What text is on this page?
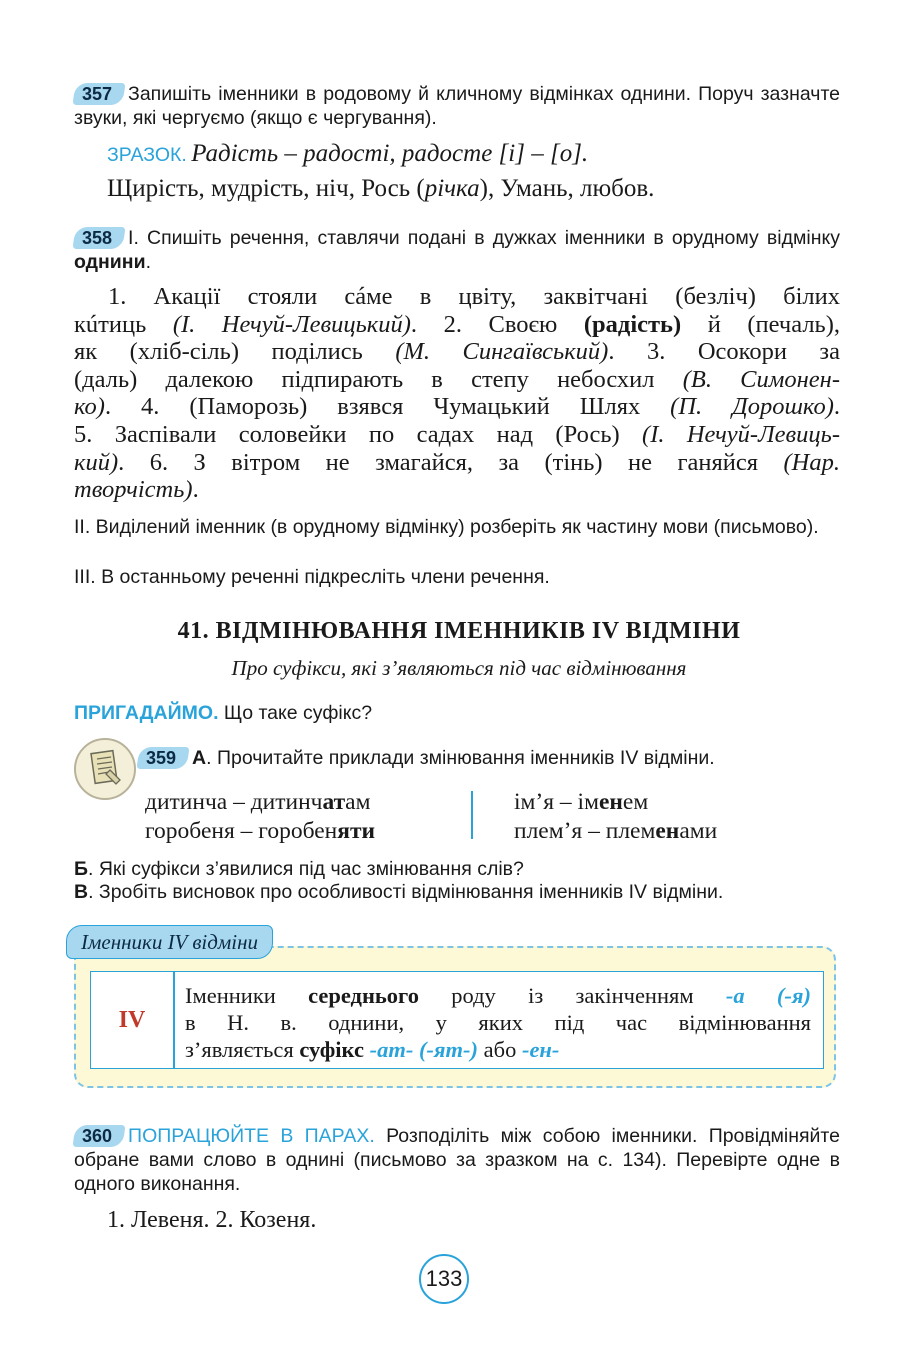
357 Запишіть іменники в родовому й кличному відмінках однини. Поруч зазначте звуки, які чергуємо (якщо є чергування).
ЗРАЗОК. Радість – радості, радосте [і] – [о].
Щирість, мудрість, ніч, Рось (річка), Умань, любов.
358 І. Спишіть речення, ставлячи подані в дужках іменники в орудному відмінку однини.
1. Акації стояли cáме в цвіту, заквітчані (безліч) білих
кúтиць (І. Нечуй-Левицький). 2. Своєю (радість) й (печаль),
як (хліб-сіль) поділись (М. Сингаївський). 3. Осокори за
(даль) далекою підпирають в степу небосхил (В. Симонен-
ко). 4. (Паморозь) взявся Чумацький Шлях (П. Дорошко).
5. Заспівали соловейки по садах над (Рось) (І. Нечуй-Левиць-
кий). 6. З вітром не змагайся, за (тінь) не ганяйся (Нар.
творчість).
ІІ. Виділений іменник (в орудному відмінку) розберіть як частину мови (письмово).
ІІІ. В останньому реченні підкресліть члени речення.
41. ВІДМІНЮВАННЯ ІМЕННИКІВ IV ВІДМІНИ
Про суфікси, які з’являються під час відмінювання
ПРИГАДАЙМО. Що таке суфікс?
359 А. Прочитайте приклади змінювання іменників IV відміни.
дитинча – дитинчатам
горобеня – горобеняти
ім’я – іменем
плем’я – племенами
Б. Які суфікси з’явилися під час змінювання слів?
В. Зробіть висновок про особливості відмінювання іменників IV відміни.
Іменники IV відміни
IV
Іменники середнього роду із закінченням -а (-я)
в Н. в. однини, у яких під час відмінювання
з’являється суфікс -ат- (-ят-) або -ен-
360 ПОПРАЦЮЙТЕ В ПАРАХ. Розподіліть між собою іменники. Провідміняйте обране вами слово в однині (письмово за зразком на с. 134). Перевірте одне в одного виконання.
1. Левеня. 2. Козеня.
133
